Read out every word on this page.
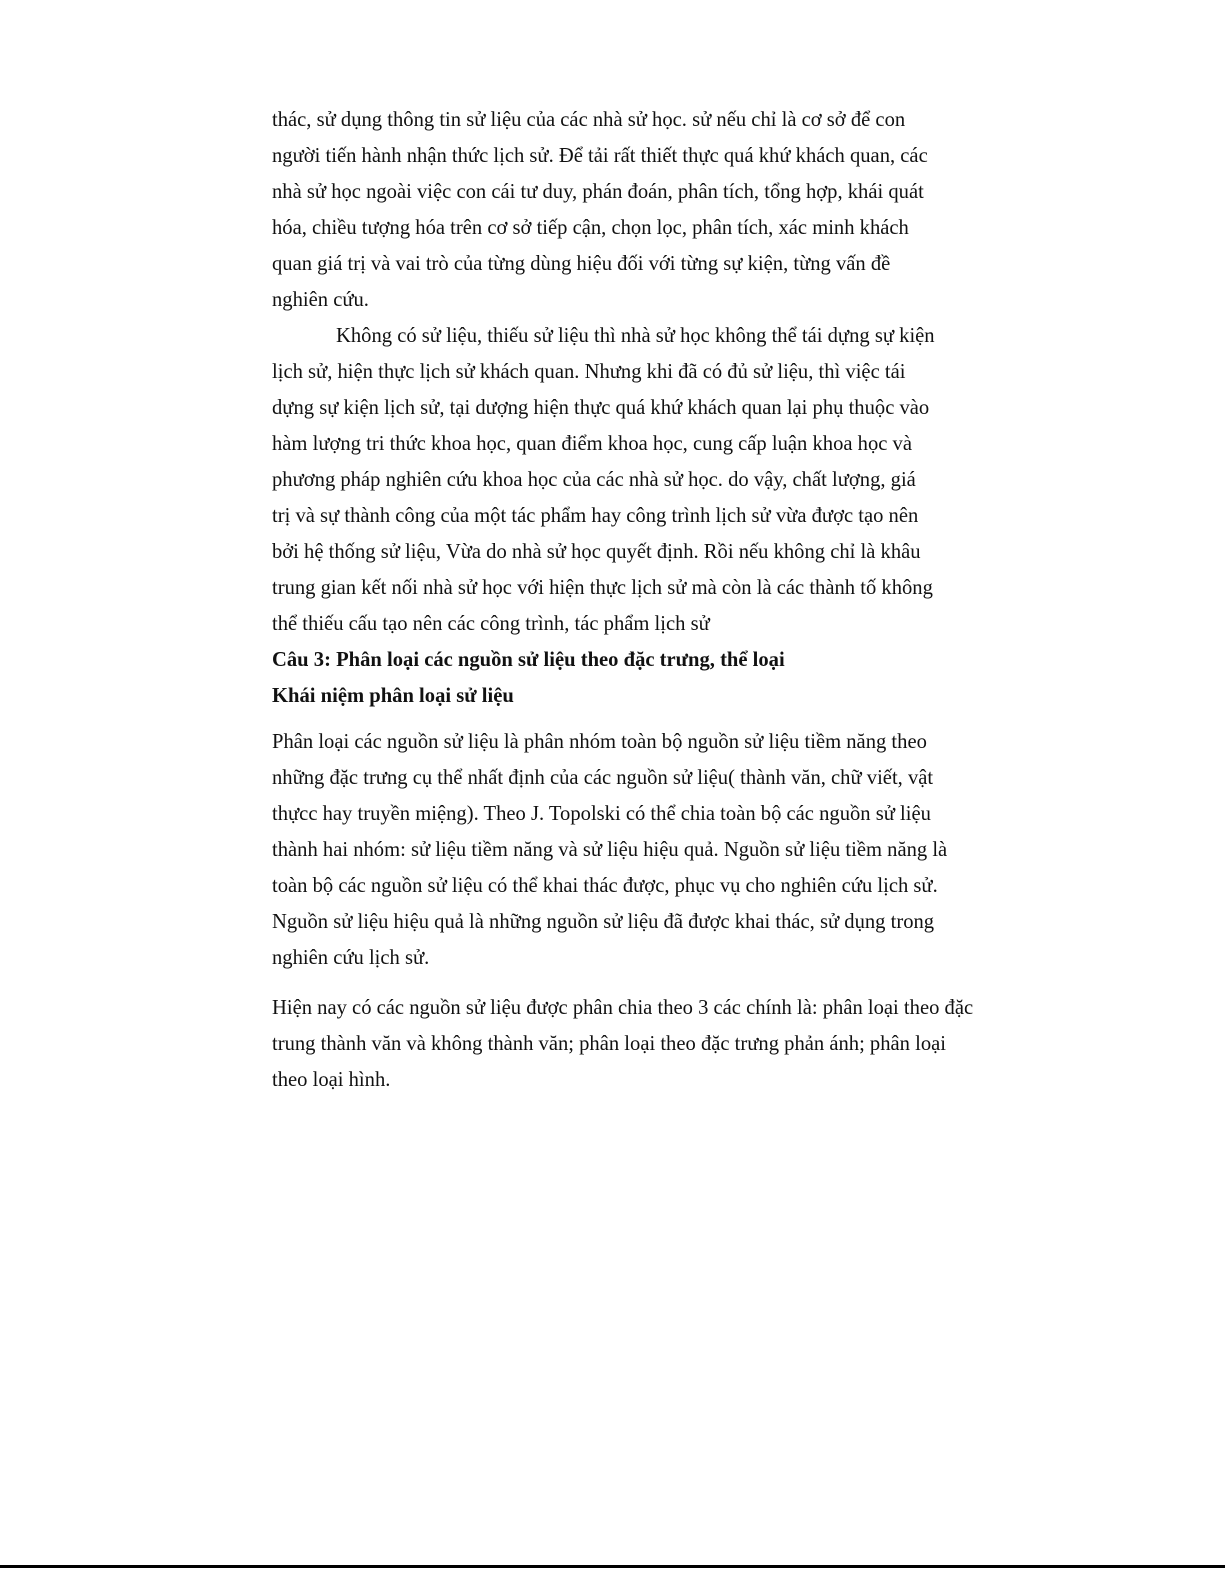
thác, sử dụng thông tin sử liệu của các nhà sử học. sử nếu chỉ là cơ sở để con
người tiến hành nhận thức lịch sử. Để tải rất thiết thực quá khứ khách quan, các
nhà sử học ngoài việc con cái tư duy, phán đoán, phân tích, tổng hợp, khái quát
hóa, chiều tượng hóa trên cơ sở tiếp cận, chọn lọc, phân tích, xác minh khách
quan giá trị và vai trò của từng dùng hiệu đối với từng sự kiện, từng vấn đề
nghiên cứu.
Không có sử liệu, thiếu sử liệu thì nhà sử học không thể tái dựng sự kiện
lịch sử, hiện thực lịch sử khách quan. Nhưng khi đã có đủ sử liệu, thì việc tái
dựng sự kiện lịch sử, tại dượng hiện thực quá khứ khách quan lại phụ thuộc vào
hàm lượng tri thức khoa học, quan điểm khoa học, cung cấp luận khoa học và
phương pháp nghiên cứu khoa học của các nhà sử học. do vậy, chất lượng, giá
trị và sự thành công của một tác phẩm hay công trình lịch sử vừa được tạo nên
bởi hệ thống sử liệu, Vừa do nhà sử học quyết định. Rồi nếu không chỉ là khâu
trung gian kết nối nhà sử học với hiện thực lịch sử mà còn là các thành tố không
thể thiếu cấu tạo nên các công trình, tác phẩm lịch sử
Câu 3: Phân loại các nguồn sử liệu theo đặc trưng, thể loại
Khái niệm phân loại sử liệu
Phân loại các nguồn sử liệu là phân nhóm toàn bộ nguồn sử liệu tiềm năng theo
những đặc trưng cụ thể nhất định của các nguồn sử liệu( thành văn, chữ viết, vật
thựcc hay truyền miệng). Theo J. Topolski có thể chia toàn bộ các nguồn sử liệu
thành hai nhóm: sử liệu tiềm năng và sử liệu hiệu quả. Nguồn sử liệu tiềm năng là
toàn bộ các nguồn sử liệu có thể khai thác được, phục vụ cho nghiên cứu lịch sử.
Nguồn sử liệu hiệu quả là những nguồn sử liệu đã được khai thác, sử dụng trong
nghiên cứu lịch sử.
Hiện nay có các nguồn sử liệu được phân chia theo 3 các chính là: phân loại theo đặc
trung thành văn và không thành văn; phân loại theo đặc trưng phản ánh; phân loại
theo loại hình.
